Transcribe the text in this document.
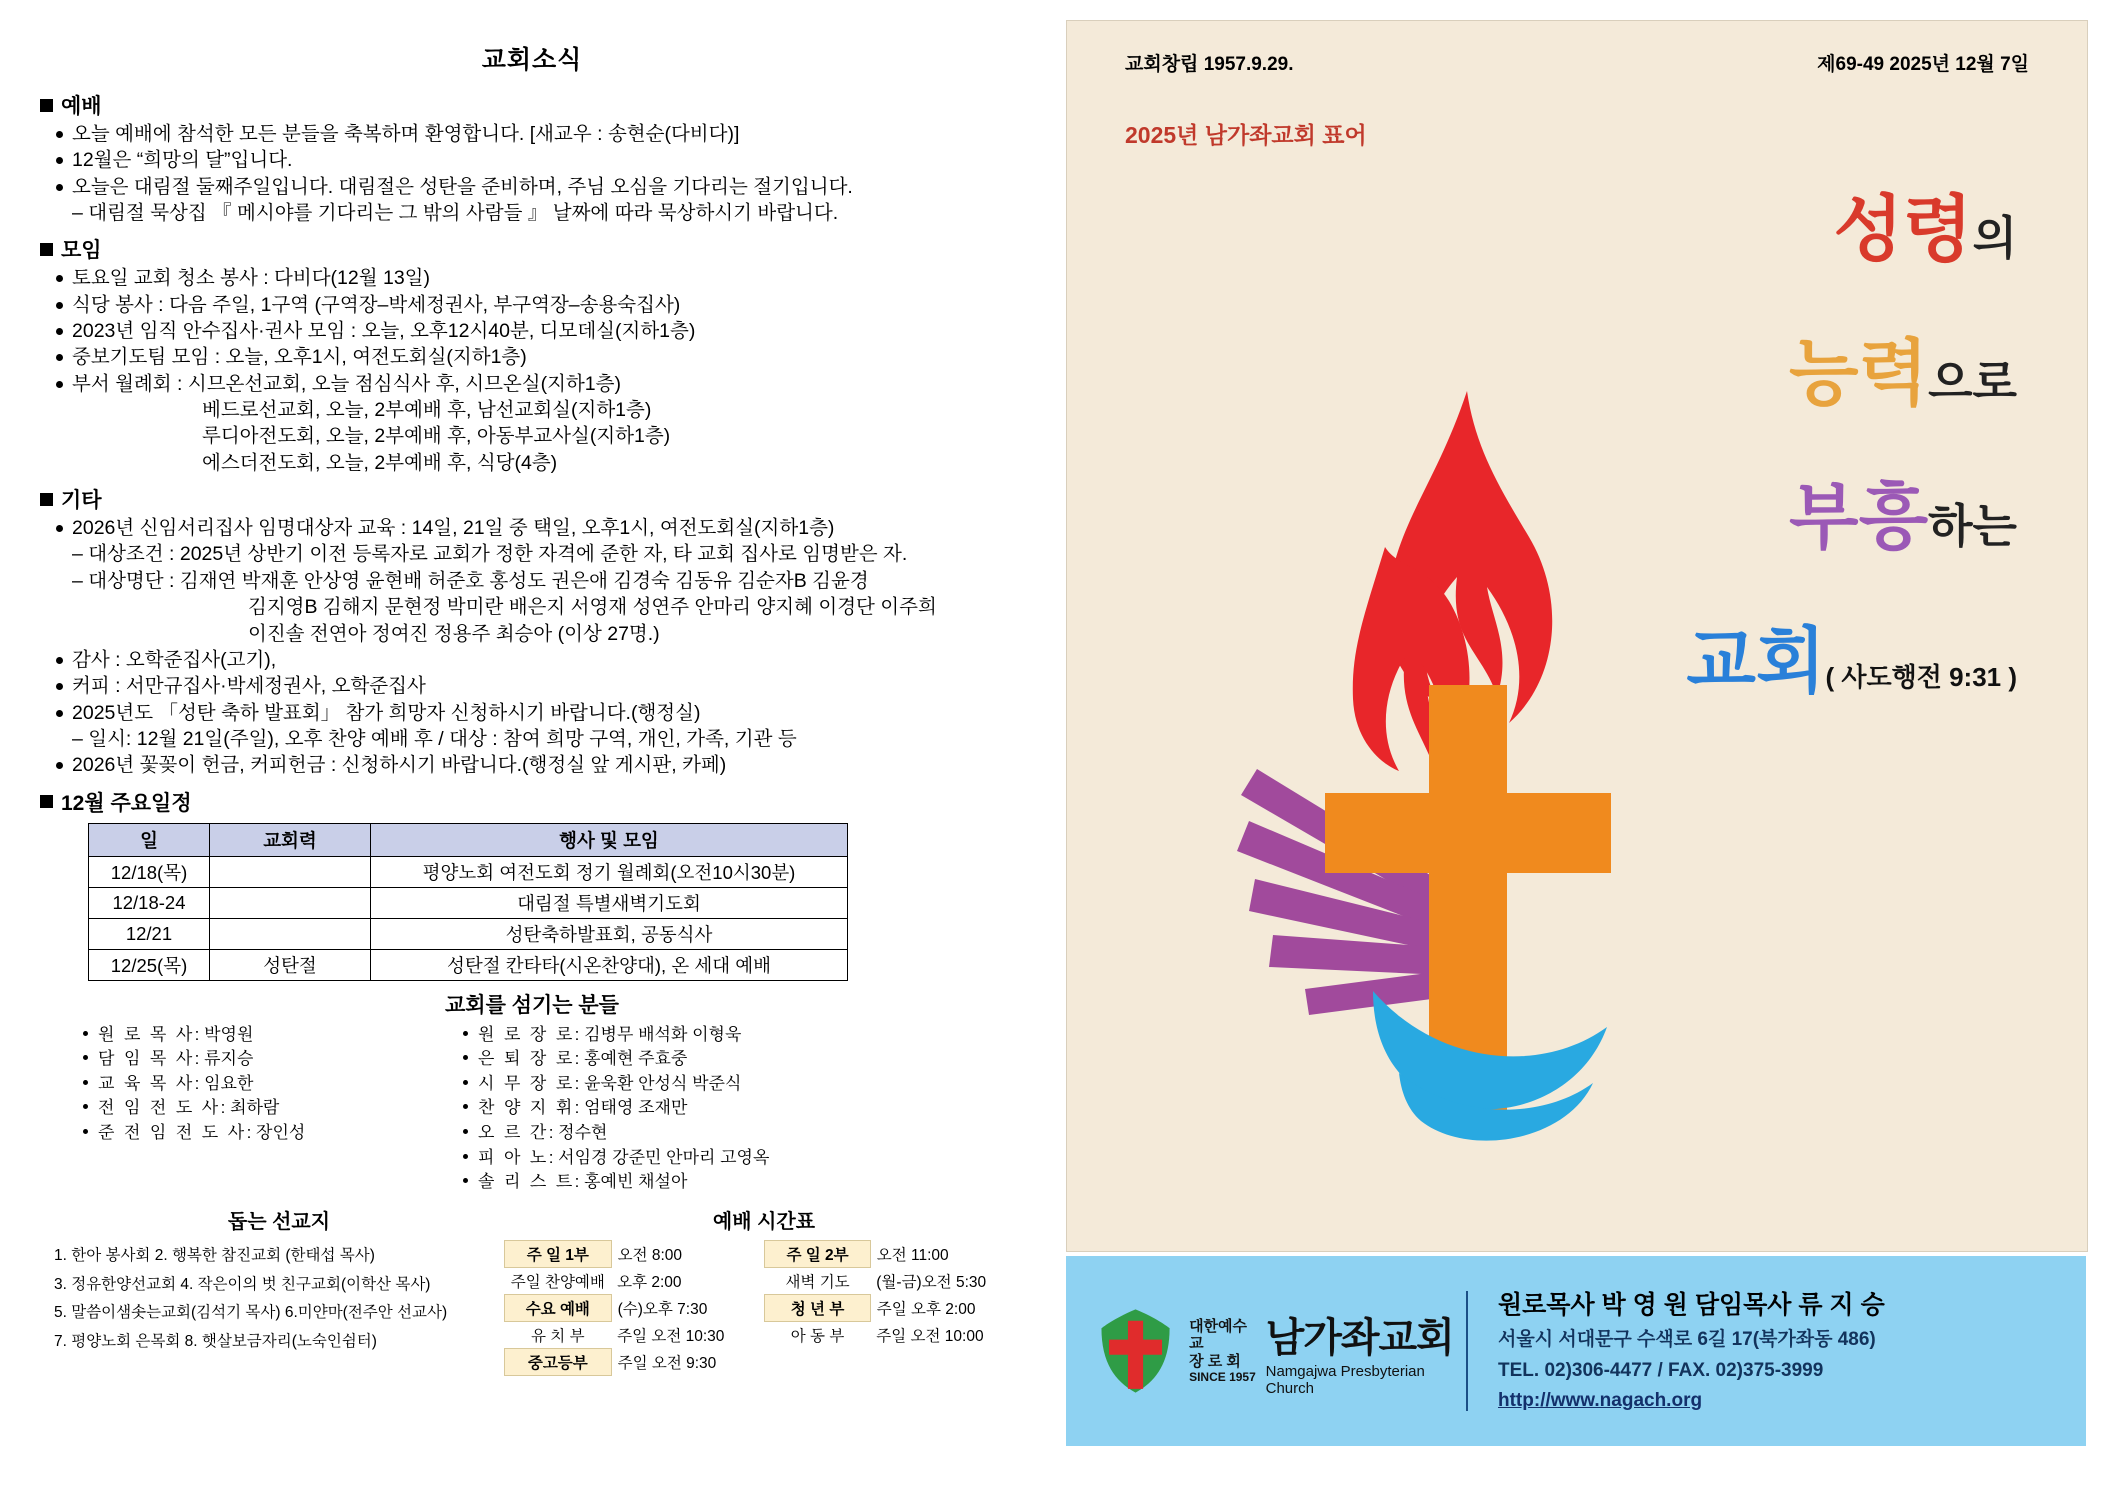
교회소식
예배
오늘 예배에 참석한 모든 분들을 축복하며 환영합니다. [새교우 : 송현순(다비다)]
12월은 “희망의 달”입니다.
오늘은 대림절 둘째주일입니다. 대림절은 성탄을 준비하며, 주님 오심을 기다리는 절기입니다.
– 대림절 묵상집 『 메시야를 기다리는 그 밖의 사람들 』 날짜에 따라 묵상하시기 바랍니다.
모임
토요일 교회 청소 봉사 : 다비다(12월 13일)
식당 봉사 : 다음 주일, 1구역 (구역장–박세정권사, 부구역장–송용숙집사)
2023년 임직 안수집사·권사 모임 : 오늘, 오후12시40분, 디모데실(지하1층)
중보기도팀 모임 : 오늘, 오후1시, 여전도회실(지하1층)
부서 월례회 : 시므온선교회, 오늘 점심식사 후, 시므온실(지하1층)
베드로선교회, 오늘, 2부예배 후, 남선교회실(지하1층)
루디아전도회, 오늘, 2부예배 후, 아동부교사실(지하1층)
에스더전도회, 오늘, 2부예배 후, 식당(4층)
기타
2026년 신임서리집사 임명대상자 교육 : 14일, 21일 중 택일, 오후1시, 여전도회실(지하1층)
– 대상조건 : 2025년 상반기 이전 등록자로 교회가 정한 자격에 준한 자, 타 교회 집사로 임명받은 자.
– 대상명단 : 김재연 박재훈 안상영 윤현배 허준호 홍성도 권은애 김경숙 김동유 김순자B 김윤경
김지영B 김해지 문현정 박미란 배은지 서영재 성연주 안마리 양지혜 이경단 이주희
이진솔 전연아 정여진 정용주 최승아 (이상 27명.)
감사 : 오학준집사(고기),
커피 : 서만규집사·박세정권사, 오학준집사
2025년도 「성탄 축하 발표회」 참가 희망자 신청하시기 바랍니다.(행정실)
– 일시: 12월 21일(주일), 오후 찬양 예배 후 / 대상 : 참여 희망 구역, 개인, 가족, 기관 등
2026년 꽃꽂이 헌금, 커피헌금 : 신청하시기 바랍니다.(행정실 앞 게시판, 카페)
12월 주요일정
일	교회력	행사 및 모임
12/18(목)		평양노회 여전도회 정기 월례회(오전10시30분)
12/18-24		대림절 특별새벽기도회
12/21		성탄축하발표회, 공동식사
12/25(목)	성탄절	성탄절 칸타타(시온찬양대), 온 세대 예배
교회를 섬기는 분들
원 로 목 사: 박영원
담 임 목 사: 류지승
교 육 목 사: 임요한
전 임 전 도 사: 최하람
준 전 임 전 도 사: 장인성
원 로 장 로: 김병무 배석화 이형욱
은 퇴 장 로: 홍예현 주효중
시 무 장 로: 윤욱환 안성식 박준식
찬 양 지 휘: 엄태영 조재만
오 르 간: 정수현
피 아 노: 서임경 강준민 안마리 고영옥
솔 리 스 트: 홍예빈 채설아
돕는 선교지
1. 한아 봉사회 2. 행복한 참진교회 (한태섭 목사)
3. 정유한양선교회 4. 작은이의 벗 친구교회(이학산 목사)
5. 말씀이샘솟는교회(김석기 목사) 6.미얀마(전주안 선교사)
7. 평양노회 은목회 8. 햇살보금자리(노숙인쉼터)
예배 시간표
주 일 1부	오전 8:00	주 일 2부	오전 11:00
주일 찬양예배	오후 2:00	새벽 기도	(월-금)오전 5:30
수요 예배	(수)오후 7:30	청 년 부	주일 오후 2:00
유 치 부	주일 오전 10:30	아 동 부	주일 오전 10:00
중고등부	주일 오전 9:30		
교회창립 1957.9.29.	제69-49 2025년 12월 7일
2025년 남가좌교회 표어
성령의
능력으로
부흥하는
교회( 사도행전 9:31 )
대한예수교
장 로 회
SINCE 1957
남가좌교회
Namgajwa Presbyterian Church
원로목사 박 영 원 담임목사 류 지 승
서울시 서대문구 수색로 6길 17(북가좌동 486)
TEL. 02)306-4477 / FAX. 02)375-3999
http://www.nagach.org
